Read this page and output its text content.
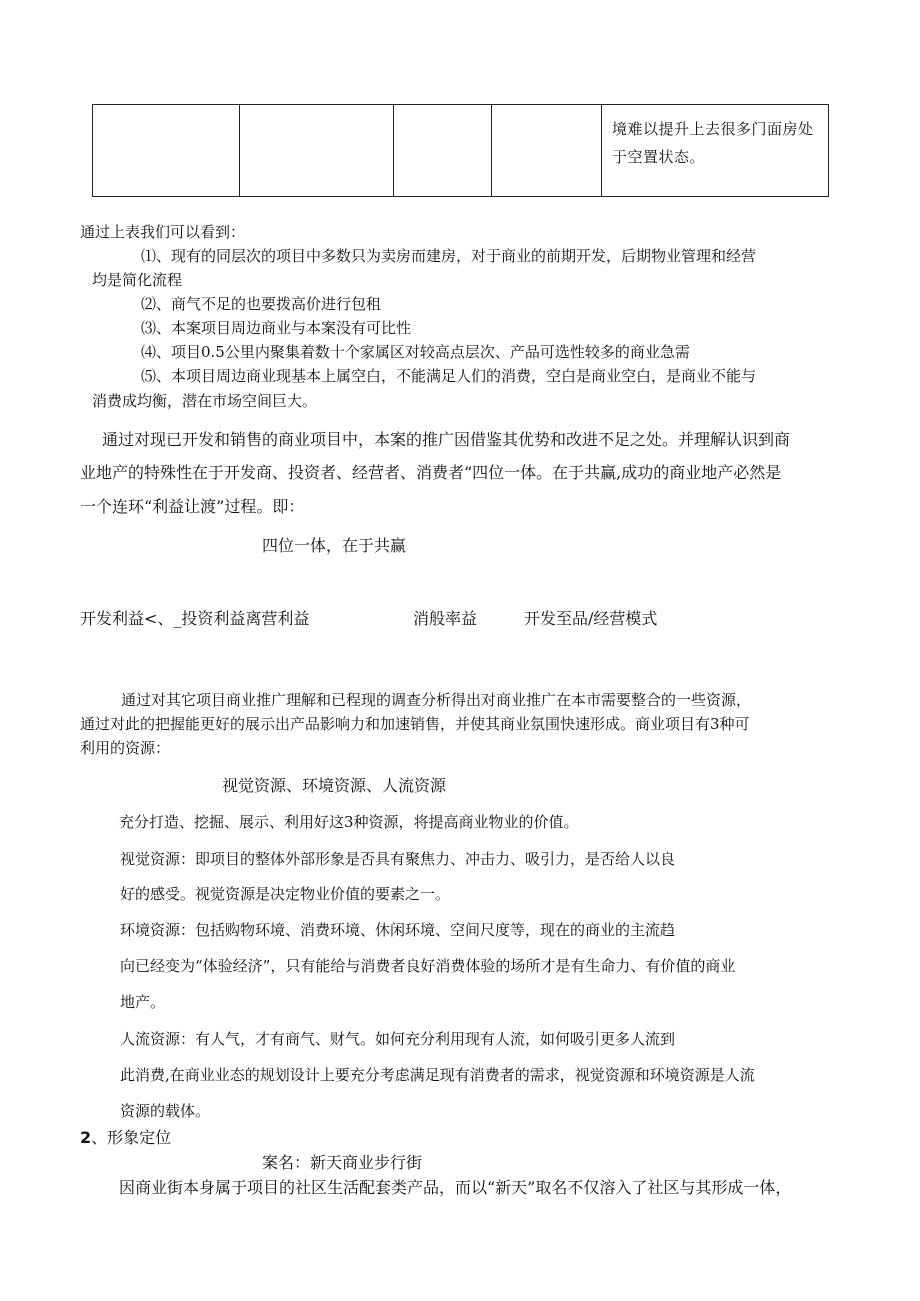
境难以提升上去很多门面房处
于空置状态。
通过上表我们可以看到：
⑴、现有的同层次的项目中多数只为卖房而建房，对于商业的前期开发，后期物业管理和经营
均是简化流程
⑵、商气不足的也要拨高价进行包租
⑶、本案项目周边商业与本案没有可比性
⑷、项目0.5公里内聚集着数十个家属区对较高点层次、产品可选性较多的商业急需
⑸、本项目周边商业现基本上属空白，不能满足人们的消费，空白是商业空白，是商业不能与
消费成均衡，潜在市场空间巨大。
通过对现已开发和销售的商业项目中，本案的推广因借鉴其优势和改进不足之处。并理解认识到商
业地产的特殊性在于开发商、投资者、经营者、消费者“四位一体。在于共赢,成功的商业地产必然是
一个连环“利益让渡”过程。即：
四位一体，在于共赢
开发利益<、_投资利益离营利益	消般率益	开发至品/经营模式
通过对其它项目商业推广理解和已程现的调查分析得出对商业推广在本市需要整合的一些资源，
通过对此的把握能更好的展示出产品影响力和加速销售，并使其商业氛围快速形成。商业项目有3种可
利用的资源：
视觉资源、环境资源、人流资源
充分打造、挖掘、展示、利用好这3种资源，将提高商业物业的价值。
视觉资源：即项目的整体外部形象是否具有聚焦力、冲击力、吸引力，是否给人以良
好的感受。视觉资源是决定物业价值的要素之一。
环境资源：包括购物环境、消费环境、休闲环境、空间尺度等，现在的商业的主流趋
向已经变为“体验经济”，只有能给与消费者良好消费体验的场所才是有生命力、有价值的商业
地产。
人流资源：有人气，才有商气、财气。如何充分利用现有人流，如何吸引更多人流到
此消费,在商业业态的规划设计上要充分考虑满足现有消费者的需求，视觉资源和环境资源是人流
资源的载体。
2、形象定位
案名：新天商业步行街
因商业街本身属于项目的社区生活配套类产品，而以“新天”取名不仅溶入了社区与其形成一体，
